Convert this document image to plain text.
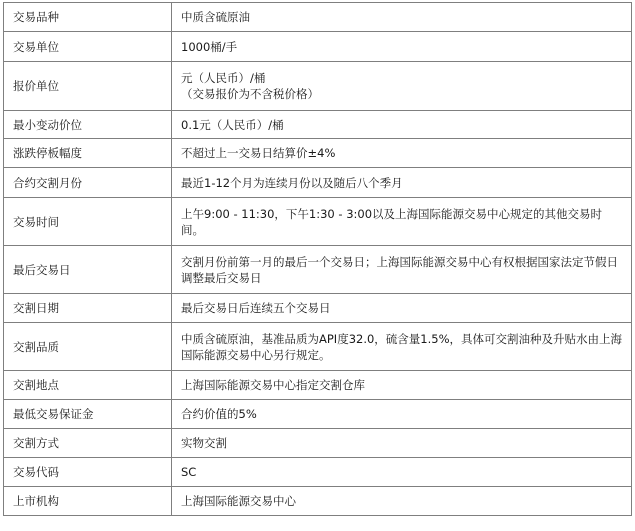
交易品种	中质含硫原油
交易单位	1000桶/手
报价单位	元（人民币）/桶
（交易报价为不含税价格）
最小变动价位	0.1元（人民币）/桶
涨跌停板幅度	不超过上一交易日结算价±4%
合约交割月份	最近1-12个月为连续月份以及随后八个季月
交易时间	上午9:00 - 11:30，下午1:30 - 3:00以及上海国际能源交易中心规定的其他交易时间。
最后交易日	交割月份前第一月的最后一个交易日；上海国际能源交易中心有权根据国家法定节假日调整最后交易日
交割日期	最后交易日后连续五个交易日
交割品质	中质含硫原油，基准品质为API度32.0，硫含量1.5%，具体可交割油种及升贴水由上海国际能源交易中心另行规定。
交割地点	上海国际能源交易中心指定交割仓库
最低交易保证金	合约价值的5%
交割方式	实物交割
交易代码	SC
上市机构	上海国际能源交易中心
